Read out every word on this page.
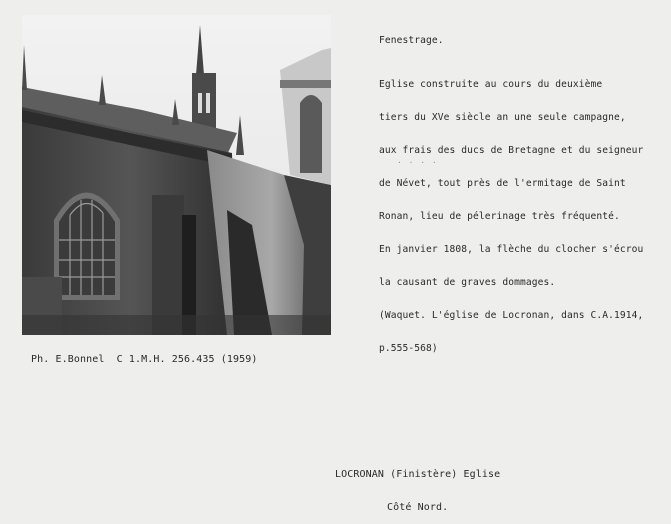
Fenestrage.

Eglise construite au cours du deuxième

tiers du XVe siècle an une seule campagne,

aux frais des ducs de Bretagne et du seigneur

de Névet, tout près de l'ermitage de Saint

Ronan, lieu de pélerinage très fréquenté.

En janvier 1808, la flèche du clocher s'écrou

la causant de graves dommages.

(Waquet. L'église de Locronan, dans C.A.1914,

p.555-568)

· · · ·
Ph. E.Bonnel  C 1.M.H. 256.435 (1959)

LOCRONAN (Finistère) Eglise

Côté Nord.
